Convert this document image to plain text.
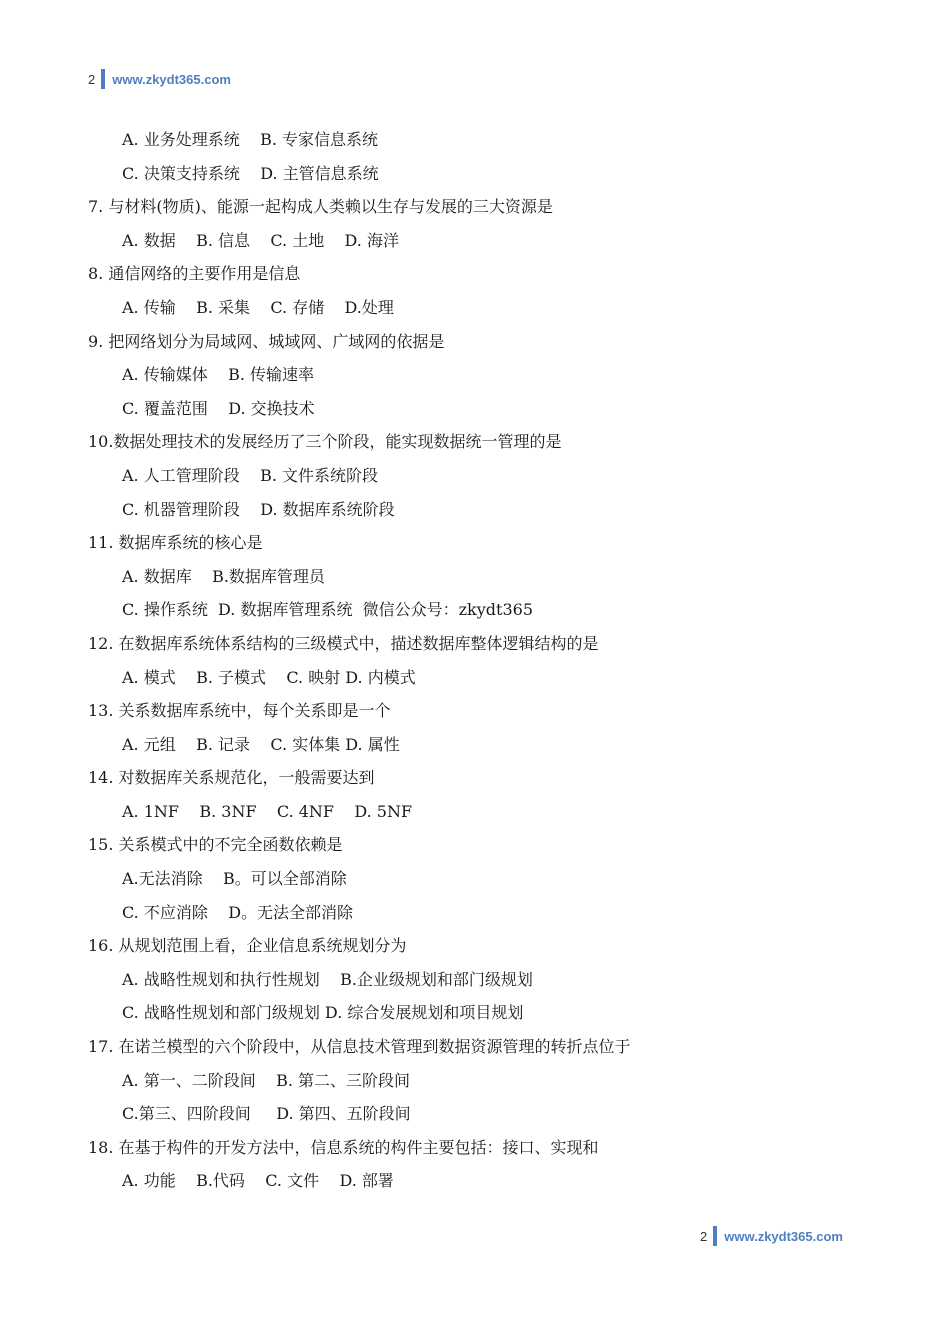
2 www.zkydt365.com
A. 业务处理系统    B. 专家信息系统
C. 决策支持系统    D. 主管信息系统
7. 与材料(物质)、能源一起构成人类赖以生存与发展的三大资源是
A. 数据    B. 信息    C. 土地    D. 海洋
8. 通信网络的主要作用是信息
A. 传输    B. 采集    C. 存储    D.处理
9. 把网络划分为局域网、城域网、广域网的依据是
A. 传输媒体    B. 传输速率
C. 覆盖范围    D. 交换技术
10.数据处理技术的发展经历了三个阶段，能实现数据统一管理的是
A. 人工管理阶段    B. 文件系统阶段
C. 机器管理阶段    D. 数据库系统阶段
11. 数据库系统的核心是
A. 数据库    B.数据库管理员
C. 操作系统  D. 数据库管理系统  微信公众号：zkydt365
12. 在数据库系统体系结构的三级模式中，描述数据库整体逻辑结构的是
A. 模式    B. 子模式    C. 映射 D. 内模式
13. 关系数据库系统中，每个关系即是一个
A. 元组    B. 记录    C. 实体集 D. 属性
14. 对数据库关系规范化，一般需要达到
A. 1NF    B. 3NF    C. 4NF    D. 5NF
15. 关系模式中的不完全函数依赖是
A.无法消除    B。可以全部消除
C. 不应消除    D。无法全部消除
16. 从规划范围上看，企业信息系统规划分为
A. 战略性规划和执行性规划    B.企业级规划和部门级规划
C. 战略性规划和部门级规划 D. 综合发展规划和项目规划
17. 在诺兰模型的六个阶段中，从信息技术管理到数据资源管理的转折点位于
A. 第一、二阶段间    B. 第二、三阶段间
C.第三、四阶段间     D. 第四、五阶段间
18. 在基于构件的开发方法中，信息系统的构件主要包括：接口、实现和
A. 功能    B.代码    C. 文件    D. 部署
2 www.zkydt365.com
